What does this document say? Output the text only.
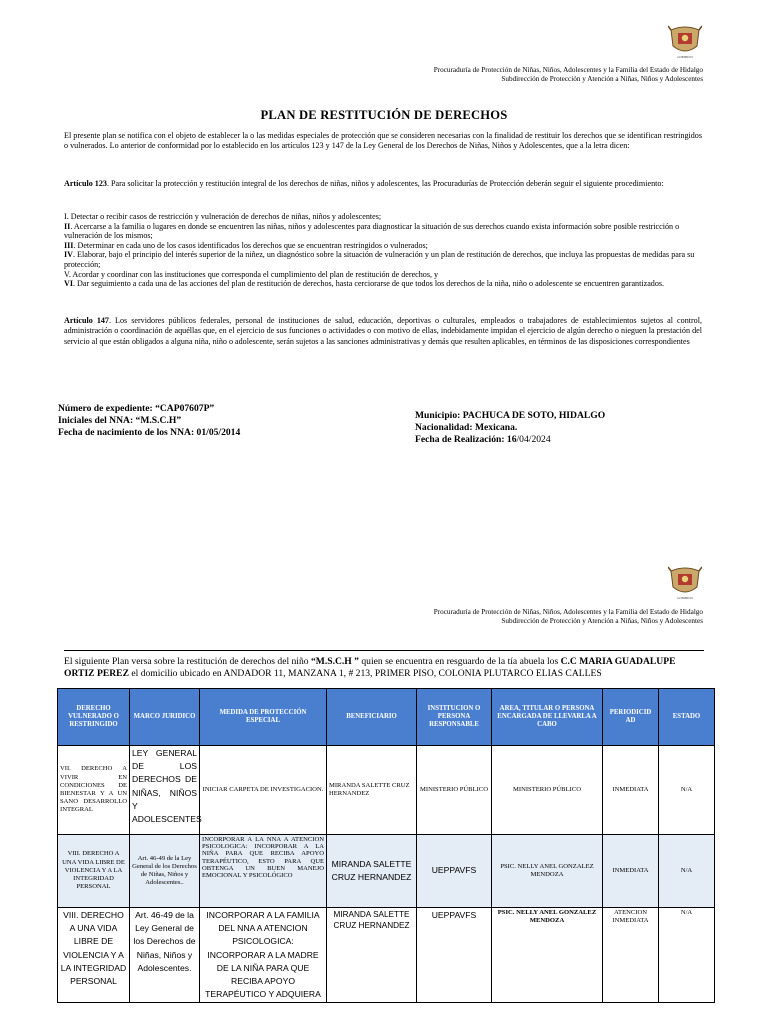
GOBIERNO
Procuraduría de Protección de Niñas, Niños, Adolescentes y la Familia del Estado de Hidalgo
Subdirección de Protección y Atención a Niñas, Niños y Adolescentes
PLAN DE RESTITUCIÓN DE DERECHOS
El presente plan se notifica con el objeto de establecer la o las medidas especiales de protección que se consideren necesarias con la finalidad de restituir los derechos que se identifican restringidos o vulnerados. Lo anterior de conformidad por lo establecido en los artículos 123 y 147 de la Ley General de los Derechos de Niñas, Niños y Adolescentes, que a la letra dicen:
Artículo 123. Para solicitar la protección y restitución integral de los derechos de niñas, niños y adolescentes, las Procuradurías de Protección deberán seguir el siguiente procedimiento:
I. Detectar o recibir casos de restricción y vulneración de derechos de niñas, niños y adolescentes;
II. Acercarse a la familia o lugares en donde se encuentren las niñas, niños y adolescentes para diagnosticar la situación de sus derechos cuando exista información sobre posible restricción o vulneración de los mismos;
III. Determinar en cada uno de los casos identificados los derechos que se encuentran restringidos o vulnerados;
IV. Elaborar, bajo el principio del interés superior de la niñez, un diagnóstico sobre la situación de vulneración y un plan de restitución de derechos, que incluya las propuestas de medidas para su protección;
V. Acordar y coordinar con las instituciones que corresponda el cumplimiento del plan de restitución de derechos, y
VI. Dar seguimiento a cada una de las acciones del plan de restitución de derechos, hasta cerciorarse de que todos los derechos de la niña, niño o adolescente se encuentren garantizados.
Artículo 147. Los servidores públicos federales, personal de instituciones de salud, educación, deportivas o culturales, empleados o trabajadores de establecimientos sujetos al control, administración o coordinación de aquéllas que, en el ejercicio de sus funciones o actividades o con motivo de ellas, indebidamente impidan el ejercicio de algún derecho o nieguen la prestación del servicio al que están obligados a alguna niña, niño o adolescente, serán sujetos a las sanciones administrativas y demás que resulten aplicables, en términos de las disposiciones correspondientes
Número de expediente: “CAP07607P”
Iniciales del NNA: “M.S.C.H”
Fecha de nacimiento de los NNA: 01/05/2014
Municipio: PACHUCA DE SOTO, HIDALGO
Nacionalidad: Mexicana.
Fecha de Realización: 16/04/2024
GOBIERNO
Procuraduría de Protección de Niñas, Niños, Adolescentes y la Familia del Estado de Hidalgo
Subdirección de Protección y Atención a Niñas, Niños y Adolescentes
El siguiente Plan versa sobre la restitución de derechos del niño “M.S.C.H ” quien se encuentra en resguardo de la tía abuela los C.C MARIA GUADALUPE ORTIZ PEREZ el domicilio ubicado en ANDADOR 11, MANZANA 1, # 213, PRIMER PISO, COLONIA PLUTARCO ELIAS CALLES
DERECHO VULNERADO O RESTRINGIDO	MARCO JURIDICO	MEDIDA DE PROTECCIÓN ESPECIAL	BENEFICIARIO	INSTITUCION O PERSONA RESPONSABLE	AREA, TITULAR O PERSONA ENCARGADA DE LLEVARLA A CABO	PERIODICID AD	ESTADO
VII. DERECHO A VIVIR EN CONDICIONES DE BIENESTAR Y A UN SANO DESARROLLO INTEGRAL	LEY GENERAL DE LOS DERECHOS DE NIÑAS, NIÑOS Y ADOLESCENTES	INICIAR CARPETA DE INVESTIGACION.	MIRANDA SALETTE CRUZ HERNANDEZ	MINISTERIO PÚBLICO	MINISTERIO PÚBLICO	INMEDIATA	N/A
VIII. DERECHO A UNA VIDA LIBRE DE VIOLENCIA Y A LA INTEGRIDAD PERSONAL	Art. 46-49 de la Ley General de los Derechos de Niñas, Niños y Adolescentes..	INCORPORAR A LA NNA A ATENCION PSICOLOGICA: INCORPORAR A LA NIÑA PARA QUE RECIBA APOYO TERAPÉUTICO, ESTO PARA QUE OBTENGA UN BUEN MANEJO EMOCIONAL Y PSICOLÓGICO	MIRANDA SALETTE CRUZ HERNANDEZ	UEPPAVFS	PSIC. NELLY ANEL GONZALEZ MENDOZA	INMEDIATA	N/A
VIII. DERECHO A UNA VIDA LIBRE DE VIOLENCIA Y A LA INTEGRIDAD PERSONAL	Art. 46-49 de la Ley General de los Derechos de Niñas, Niños y Adolescentes.	INCORPORAR A LA FAMILIA DEL NNA A ATENCION PSICOLOGICA: INCORPORAR A LA MADRE DE LA NIÑA PARA QUE RECIBA APOYO TERAPÉUTICO Y ADQUIERA	MIRANDA SALETTE CRUZ HERNANDEZ	UEPPAVFS	PSIC. NELLY ANEL GONZALEZ MENDOZA	ATENCION INMEDIATA	N/A
